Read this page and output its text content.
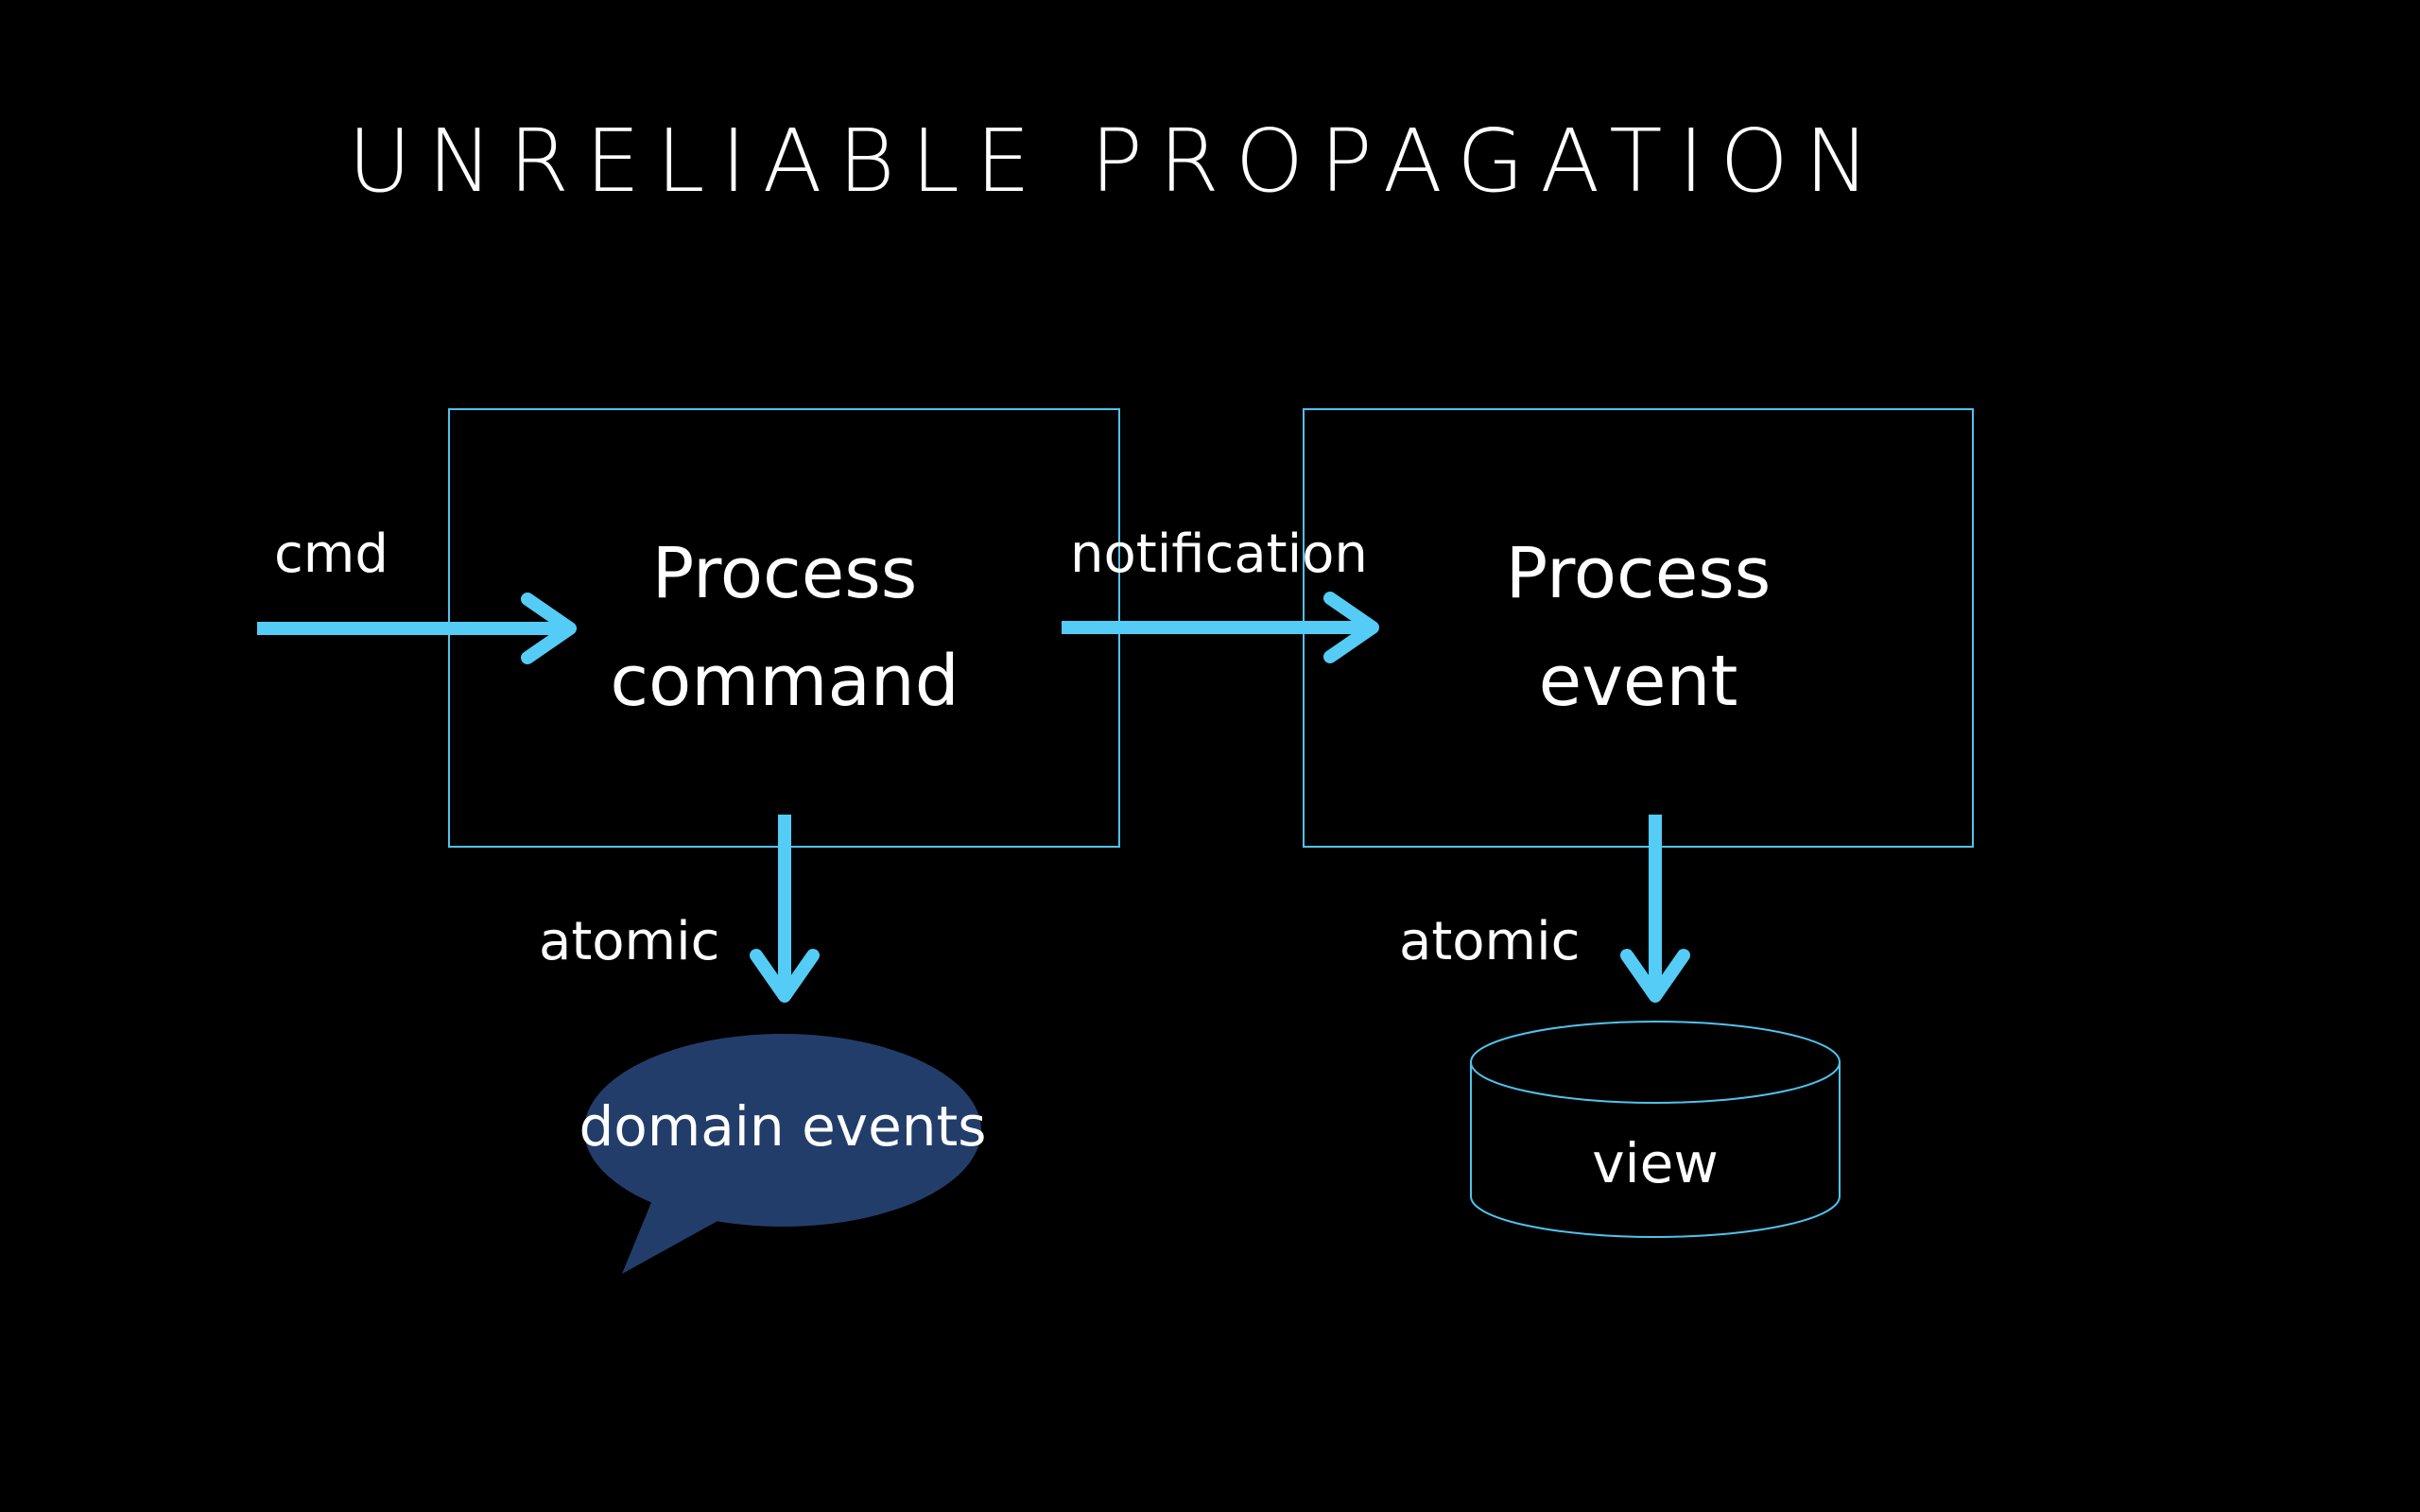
UNRELIABLE PROPAGATION
Process
command
Process
event
cmd	notification
atomic	atomic
domain events
view
